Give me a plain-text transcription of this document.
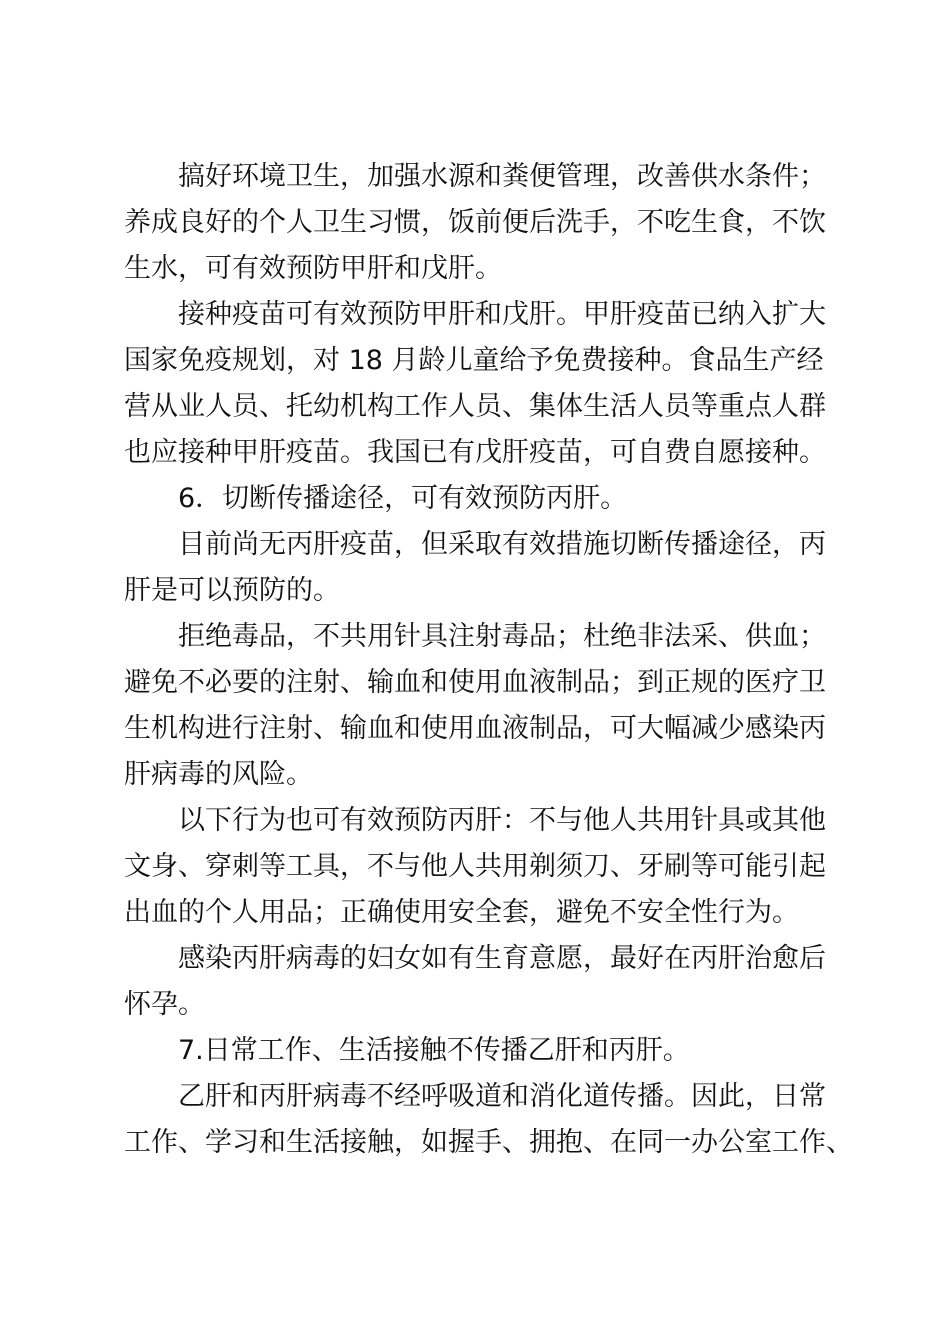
搞好环境卫生，加强水源和粪便管理，改善供水条件；
养成良好的个人卫生习惯，饭前便后洗手，不吃生食，不饮
生水，可有效预防甲肝和戊肝。
接种疫苗可有效预防甲肝和戊肝。甲肝疫苗已纳入扩大
国家免疫规划，对 18 月龄儿童给予免费接种。食品生产经
营从业人员、托幼机构工作人员、集体生活人员等重点人群
也应接种甲肝疫苗。我国已有戊肝疫苗，可自费自愿接种。
6．切断传播途径，可有效预防丙肝。
目前尚无丙肝疫苗，但采取有效措施切断传播途径，丙
肝是可以预防的。
拒绝毒品，不共用针具注射毒品；杜绝非法采、供血；
避免不必要的注射、输血和使用血液制品；到正规的医疗卫
生机构进行注射、输血和使用血液制品，可大幅减少感染丙
肝病毒的风险。
以下行为也可有效预防丙肝：不与他人共用针具或其他
文身、穿刺等工具，不与他人共用剃须刀、牙刷等可能引起
出血的个人用品；正确使用安全套，避免不安全性行为。
感染丙肝病毒的妇女如有生育意愿，最好在丙肝治愈后
怀孕。
7.日常工作、生活接触不传播乙肝和丙肝。
乙肝和丙肝病毒不经呼吸道和消化道传播。因此，日常
工作、学习和生活接触，如握手、拥抱、在同一办公室工作、
